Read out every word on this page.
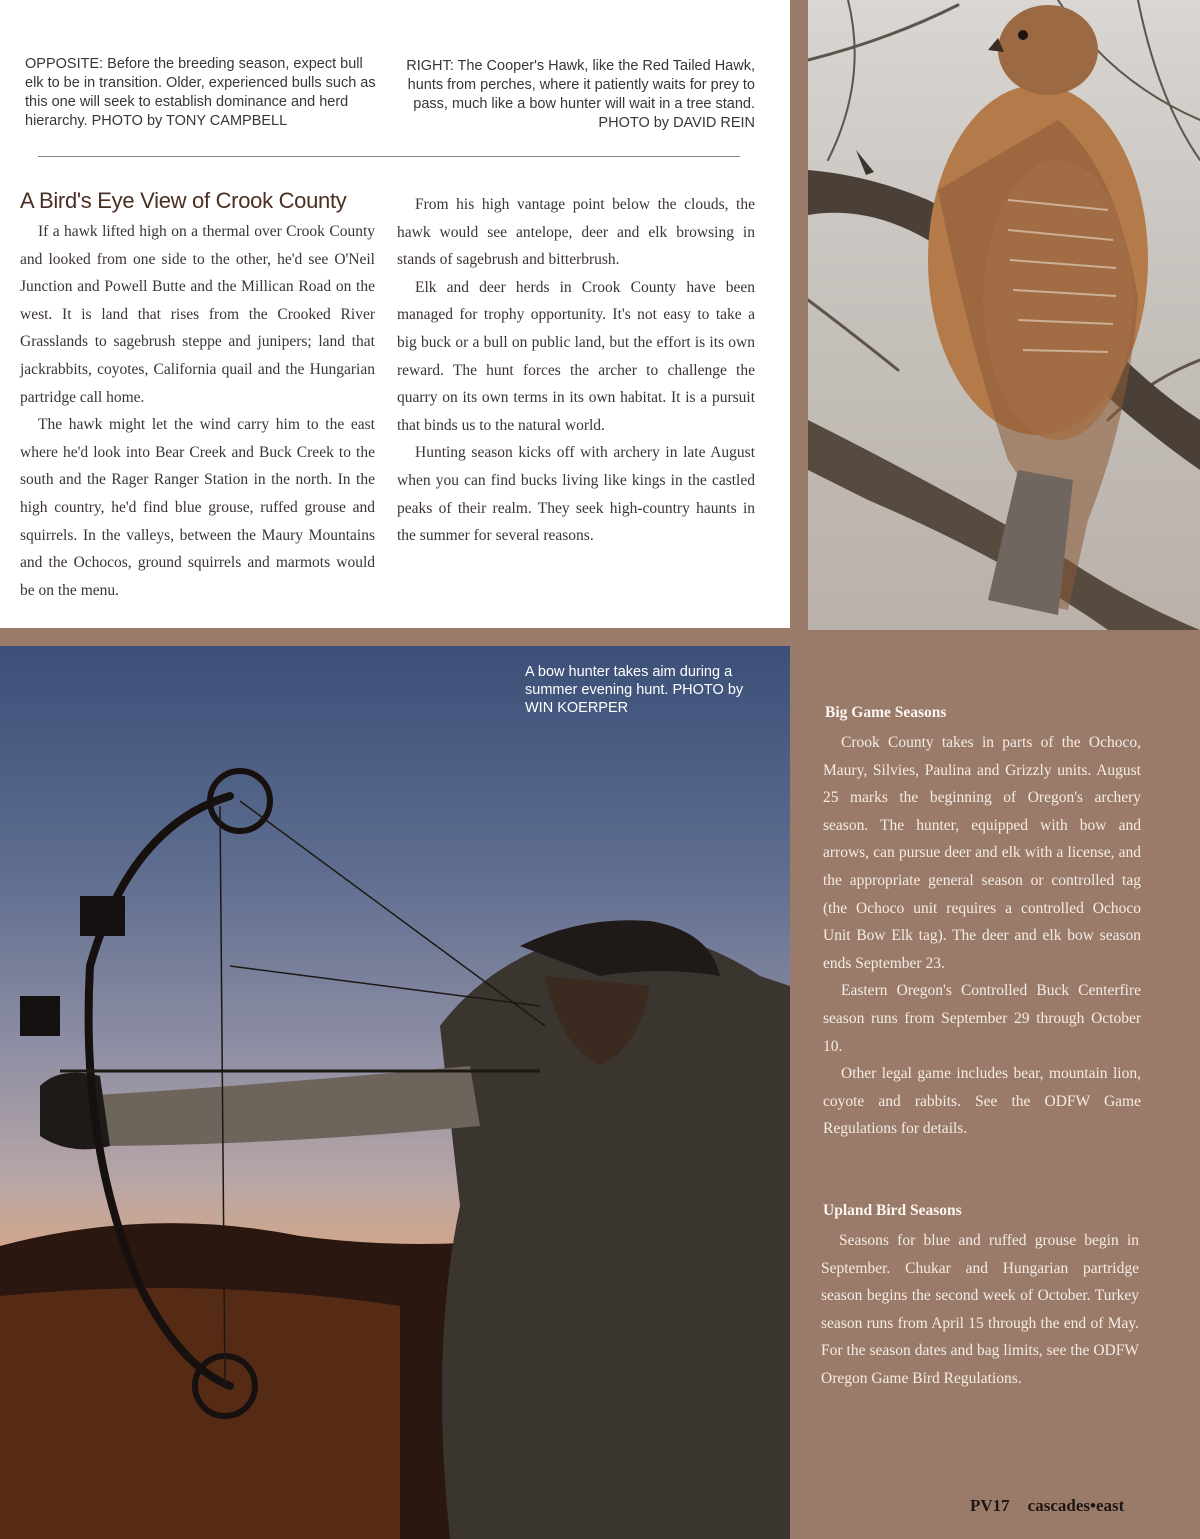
OPPOSITE: Before the breeding season, expect bull elk to be in transition. Older, experienced bulls such as this one will seek to establish dominance and herd hierarchy. PHOTO by TONY CAMPBELL
RIGHT: The Cooper's Hawk, like the Red Tailed Hawk, hunts from perches, where it patiently waits for prey to pass, much like a bow hunter will wait in a tree stand. PHOTO by DAVID REIN
A Bird's Eye View of Crook County

If a hawk lifted high on a thermal over Crook County and looked from one side to the other, he'd see O'Neil Junction and Powell Butte and the Millican Road on the west. It is land that rises from the Crooked River Grasslands to sagebrush steppe and junipers; land that jackrabbits, coyotes, California quail and the Hungarian partridge call home.

The hawk might let the wind carry him to the east where he'd look into Bear Creek and Buck Creek to the south and the Rager Ranger Station in the north. In the high country, he'd find blue grouse, ruffed grouse and squirrels. In the valleys, between the Maury Mountains and the Ochocos, ground squirrels and marmots would be on the menu.

From his high vantage point below the clouds, the hawk would see antelope, deer and elk browsing in stands of sagebrush and bitterbrush.

Elk and deer herds in Crook County have been managed for trophy opportunity. It's not easy to take a big buck or a bull on public land, but the effort is its own reward. The hunt forces the archer to challenge the quarry on its own terms in its own habitat. It is a pursuit that binds us to the natural world.

Hunting season kicks off with archery in late August when you can find bucks living like kings in the castled peaks of their realm. They seek high-country haunts in the summer for several reasons.

A bow hunter takes aim during a summer evening hunt. PHOTO by WIN KOERPER	Big Game Seasons

Crook County takes in parts of the Ochoco, Maury, Silvies, Paulina and Grizzly units. August 25 marks the beginning of Oregon's archery season. The hunter, equipped with bow and arrows, can pursue deer and elk with a license, and the appropriate general season or controlled tag (the Ochoco unit requires a controlled Ochoco Unit Bow Elk tag). The deer and elk bow season ends September 23.

Eastern Oregon's Controlled Buck Centerfire season runs from September 29 through October 10.

Other legal game includes bear, mountain lion, coyote and rabbits. See the ODFW Game Regulations for details.

Upland Bird Seasons

Seasons for blue and ruffed grouse begin in September. Chukar and Hungarian partridge season begins the second week of October. Turkey season runs from April 15 through the end of May. For the season dates and bag limits, see the ODFW Oregon Game Bird Regulations.

PV17 cascades•east
